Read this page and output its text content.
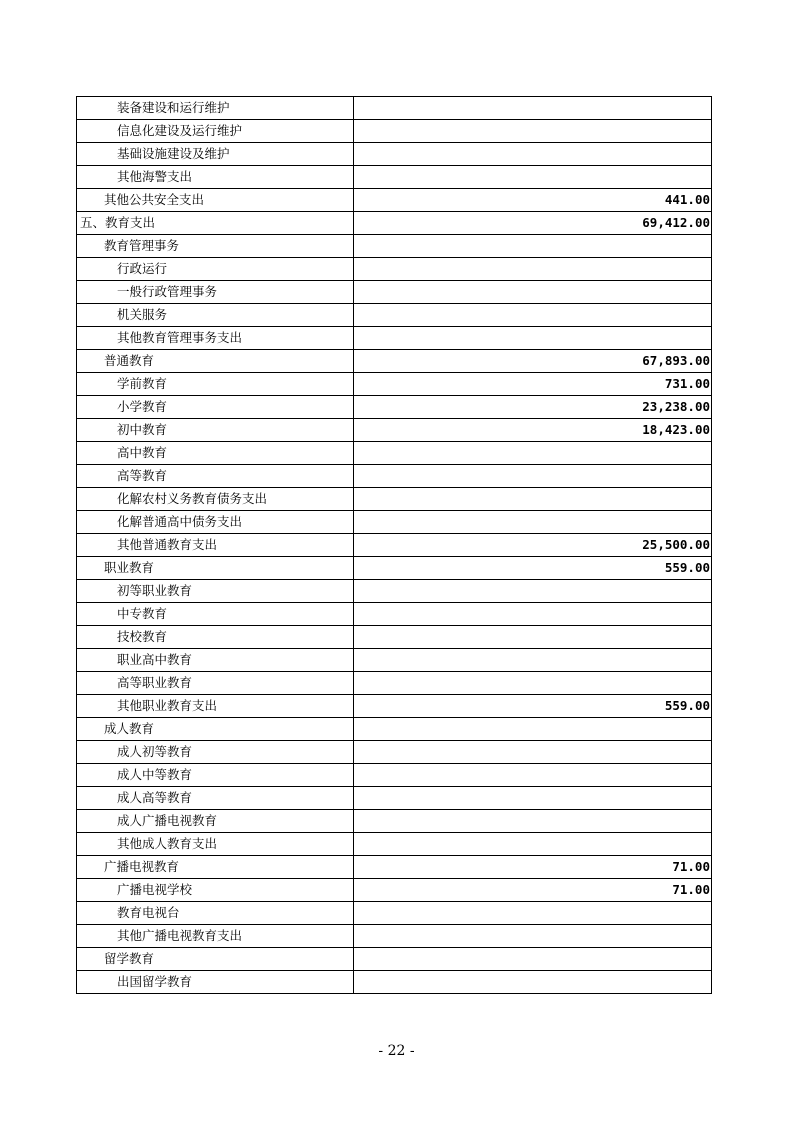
装备建设和运行维护	
信息化建设及运行维护	
基础设施建设及维护	
其他海警支出	
其他公共安全支出	441.00
五、教育支出	69,412.00
教育管理事务	
行政运行	
一般行政管理事务	
机关服务	
其他教育管理事务支出	
普通教育	67,893.00
学前教育	731.00
小学教育	23,238.00
初中教育	18,423.00
高中教育	
高等教育	
化解农村义务教育债务支出	
化解普通高中债务支出	
其他普通教育支出	25,500.00
职业教育	559.00
初等职业教育	
中专教育	
技校教育	
职业高中教育	
高等职业教育	
其他职业教育支出	559.00
成人教育	
成人初等教育	
成人中等教育	
成人高等教育	
成人广播电视教育	
其他成人教育支出	
广播电视教育	71.00
广播电视学校	71.00
教育电视台	
其他广播电视教育支出	
留学教育	
出国留学教育	
- 22 -
